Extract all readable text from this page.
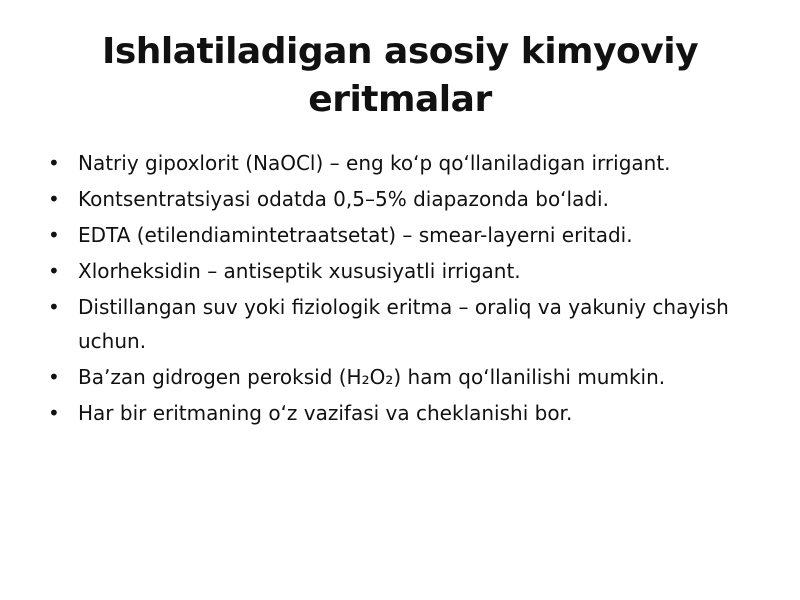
Ishlatiladigan asosiy kimyoviy eritmalar
• Natriy gipoxlorit (NaOCl) – eng koʻp qoʻllaniladigan irrigant.
• Kontsentratsiyasi odatda 0,5–5% diapazonda boʻladi.
• EDTA (etilendiamintetraatsetat) – smear-layerni eritadi.
• Xlorheksidin – antiseptik xususiyatli irrigant.
• Distillangan suv yoki fiziologik eritma – oraliq va yakuniy chayish uchun.
• Baʼzan gidrogen peroksid (H₂O₂) ham qoʻllanilishi mumkin.
• Har bir eritmaning oʻz vazifasi va cheklanishi bor.
